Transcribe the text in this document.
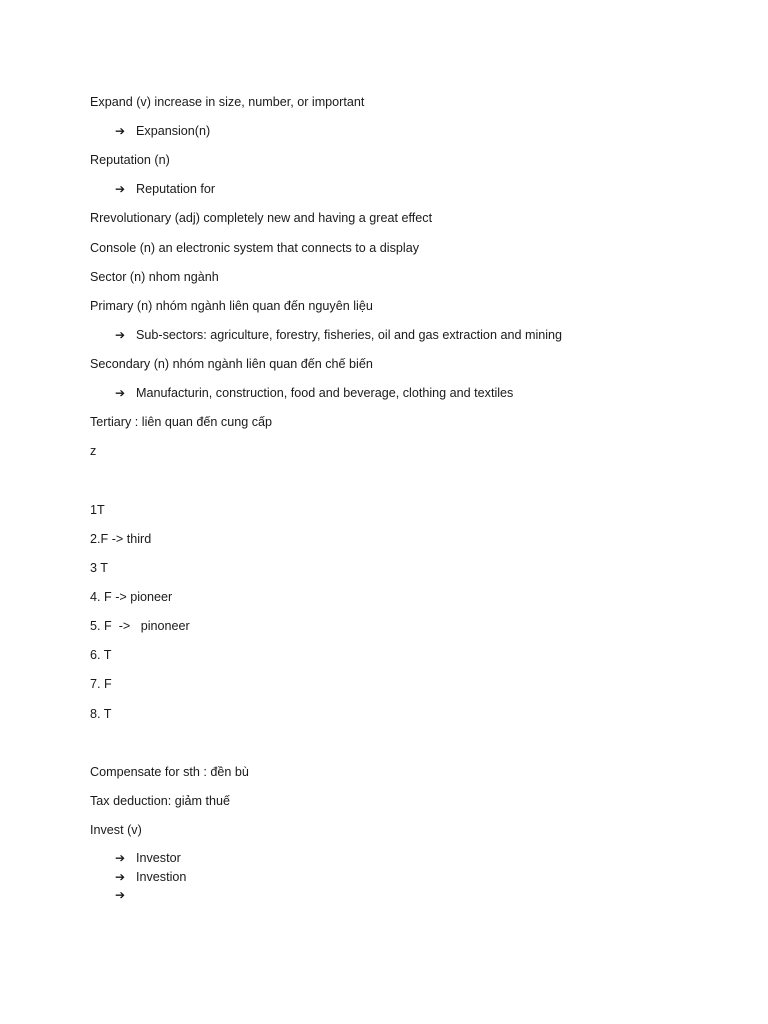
Expand (v) increase in size, number, or important
➔ Expansion(n)
Reputation (n)
➔ Reputation for
Rrevolutionary (adj) completely new and having a great effect
Console (n) an electronic system that connects to a display
Sector (n) nhom ngành
Primary (n) nhóm ngành liên quan đến nguyên liệu
➔ Sub-sectors: agriculture, forestry, fisheries, oil and gas extraction and mining
Secondary (n) nhóm ngành liên quan đến chế biến
➔ Manufacturin, construction, food and beverage, clothing and textiles
Tertiary : liên quan đến cung cấp
z
1T
2.F -> third
3 T
4. F -> pioneer
5. F  ->   pinoneer
6. T
7. F
8. T
Compensate for sth : đền bù
Tax deduction: giảm thuế
Invest (v)
➔ Investor
➔ Investion
➔
